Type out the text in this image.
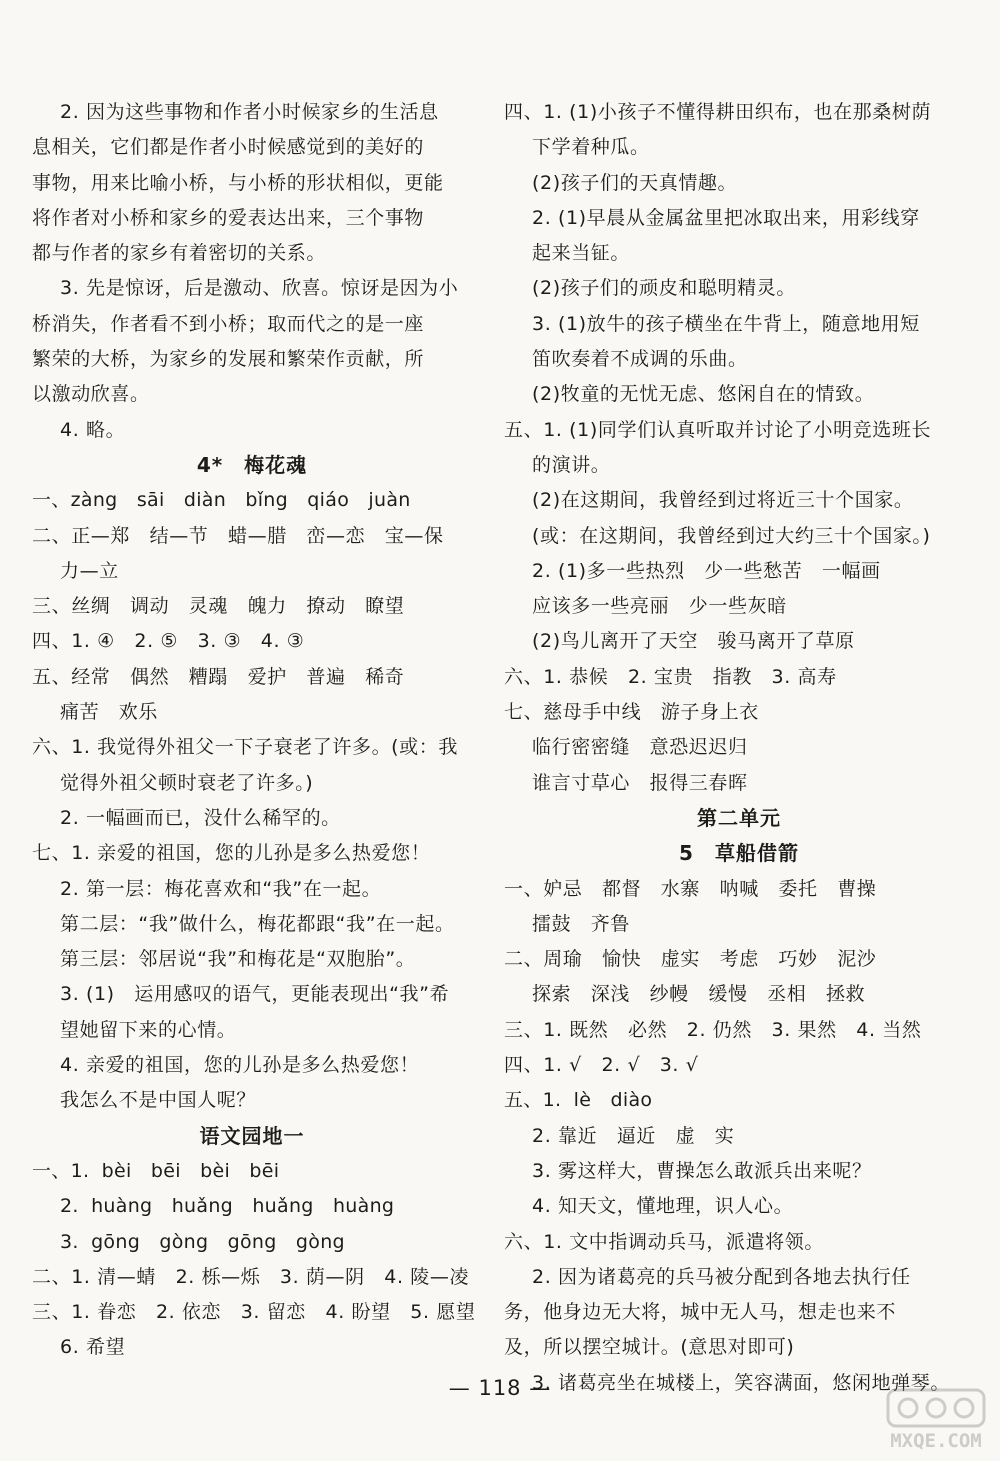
2. 因为这些事物和作者小时候家乡的生活息
息相关，它们都是作者小时候感觉到的美好的
事物，用来比喻小桥，与小桥的形状相似，更能
将作者对小桥和家乡的爱表达出来，三个事物
都与作者的家乡有着密切的关系。
3. 先是惊讶，后是激动、欣喜。惊讶是因为小
桥消失，作者看不到小桥；取而代之的是一座
繁荣的大桥，为家乡的发展和繁荣作贡献，所
以激动欣喜。
4. 略。
4*　梅花魂
一、zàng　sāi　diàn　bǐng　qiáo　juàn
二、正—郑　结—节　蜡—腊　峦—恋　宝—保
力—立
三、丝绸　调动　灵魂　魄力　撩动　瞭望
四、1. ④　2. ⑤　3. ③　4. ③
五、经常　偶然　糟蹋　爱护　普遍　稀奇
痛苦　欢乐
六、1. 我觉得外祖父一下子衰老了许多。(或：我
觉得外祖父顿时衰老了许多。)
2. 一幅画而已，没什么稀罕的。
七、1. 亲爱的祖国，您的儿孙是多么热爱您！
2. 第一层：梅花喜欢和“我”在一起。
第二层：“我”做什么，梅花都跟“我”在一起。
第三层：邻居说“我”和梅花是“双胞胎”。
3. (1)　运用感叹的语气，更能表现出“我”希
望她留下来的心情。
4. 亲爱的祖国，您的儿孙是多么热爱您！
我怎么不是中国人呢？
语文园地一
一、1. bèi　bēi　bèi　bēi
2. huàng　huǎng　huǎng　huàng
3. gōng　gòng　gōng　gòng
二、1. 清—蜻　2. 栎—烁　3. 荫—阴　4. 陵—凌
三、1. 眷恋　2. 依恋　3. 留恋　4. 盼望　5. 愿望
6. 希望
四、1. (1)小孩子不懂得耕田织布，也在那桑树荫
下学着种瓜。
(2)孩子们的天真情趣。
2. (1)早晨从金属盆里把冰取出来，用彩线穿
起来当钲。
(2)孩子们的顽皮和聪明精灵。
3. (1)放牛的孩子横坐在牛背上，随意地用短
笛吹奏着不成调的乐曲。
(2)牧童的无忧无虑、悠闲自在的情致。
五、1. (1)同学们认真听取并讨论了小明竞选班长
的演讲。
(2)在这期间，我曾经到过将近三十个国家。
(或：在这期间，我曾经到过大约三十个国家。)
2. (1)多一些热烈　少一些愁苦　一幅画
应该多一些亮丽　少一些灰暗
(2)鸟儿离开了天空　骏马离开了草原
六、1. 恭候　2. 宝贵　指教　3. 高寿
七、慈母手中线　游子身上衣
临行密密缝　意恐迟迟归
谁言寸草心　报得三春晖
第二单元
5　草船借箭
一、妒忌　都督　水寨　呐喊　委托　曹操
擂鼓　齐鲁
二、周瑜　愉快　虚实　考虑　巧妙　泥沙
探索　深浅　纱幔　缓慢　丞相　拯救
三、1. 既然　必然　2. 仍然　3. 果然　4. 当然
四、1. √　2. √　3. √
五、1. lè　diào
2. 靠近　逼近　虚　实
3. 雾这样大，曹操怎么敢派兵出来呢？
4. 知天文，懂地理，识人心。
六、1. 文中指调动兵马，派遣将领。
2. 因为诸葛亮的兵马被分配到各地去执行任
务，他身边无大将，城中无人马，想走也来不
及，所以摆空城计。(意思对即可)
3. 诸葛亮坐在城楼上，笑容满面，悠闲地弹琴。
— 118 —
MXQE.COM
